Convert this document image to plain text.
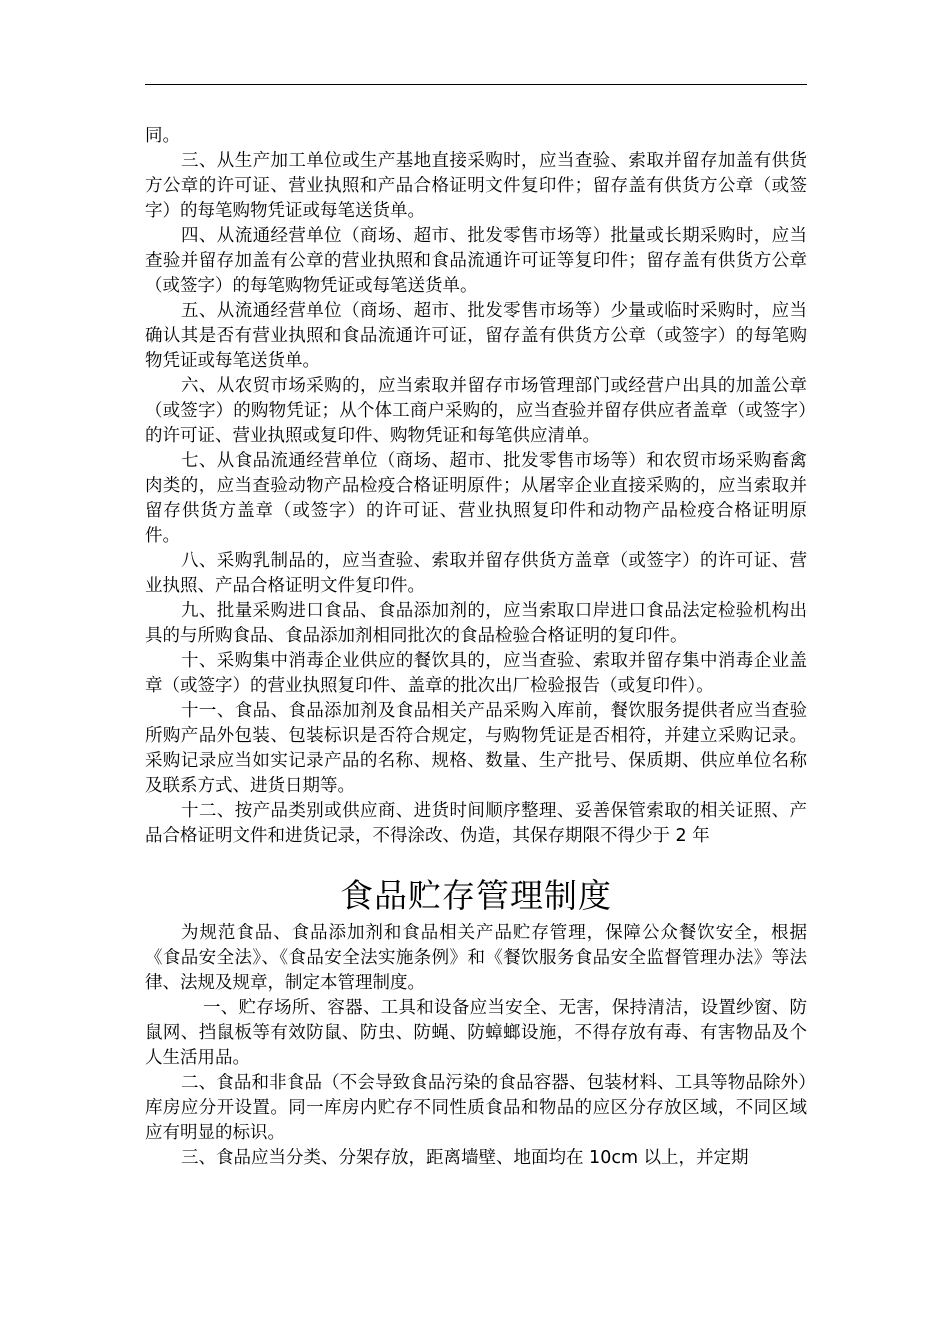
同。

三、从生产加工单位或生产基地直接采购时，应当查验、索取并留存加盖有供货方公章的许可证、营业执照和产品合格证明文件复印件；留存盖有供货方公章（或签字）的每笔购物凭证或每笔送货单。

四、从流通经营单位（商场、超市、批发零售市场等）批量或长期采购时，应当查验并留存加盖有公章的营业执照和食品流通许可证等复印件；留存盖有供货方公章（或签字）的每笔购物凭证或每笔送货单。

五、从流通经营单位（商场、超市、批发零售市场等）少量或临时采购时，应当确认其是否有营业执照和食品流通许可证，留存盖有供货方公章（或签字）的每笔购物凭证或每笔送货单。

六、从农贸市场采购的，应当索取并留存市场管理部门或经营户出具的加盖公章（或签字）的购物凭证；从个体工商户采购的，应当查验并留存供应者盖章（或签字）的许可证、营业执照或复印件、购物凭证和每笔供应清单。

七、从食品流通经营单位（商场、超市、批发零售市场等）和农贸市场采购畜禽肉类的，应当查验动物产品检疫合格证明原件；从屠宰企业直接采购的，应当索取并留存供货方盖章（或签字）的许可证、营业执照复印件和动物产品检疫合格证明原件。

八、采购乳制品的，应当查验、索取并留存供货方盖章（或签字）的许可证、营业执照、产品合格证明文件复印件。

九、批量采购进口食品、食品添加剂的，应当索取口岸进口食品法定检验机构出具的与所购食品、食品添加剂相同批次的食品检验合格证明的复印件。

十、采购集中消毒企业供应的餐饮具的，应当查验、索取并留存集中消毒企业盖章（或签字）的营业执照复印件、盖章的批次出厂检验报告（或复印件）。

十一、食品、食品添加剂及食品相关产品采购入库前，餐饮服务提供者应当查验所购产品外包装、包装标识是否符合规定，与购物凭证是否相符，并建立采购记录。采购记录应当如实记录产品的名称、规格、数量、生产批号、保质期、供应单位名称及联系方式、进货日期等。

十二、按产品类别或供应商、进货时间顺序整理、妥善保管索取的相关证照、产品合格证明文件和进货记录，不得涂改、伪造，其保存期限不得少于 2 年

食品贮存管理制度

为规范食品、食品添加剂和食品相关产品贮存管理，保障公众餐饮安全，根据《食品安全法》、《食品安全法实施条例》和《餐饮服务食品安全监督管理办法》等法律、法规及规章，制定本管理制度。

一、贮存场所、容器、工具和设备应当安全、无害，保持清洁，设置纱窗、防鼠网、挡鼠板等有效防鼠、防虫、防蝇、防蟑螂设施，不得存放有毒、有害物品及个人生活用品。

二、食品和非食品（不会导致食品污染的食品容器、包装材料、工具等物品除外）库房应分开设置。同一库房内贮存不同性质食品和物品的应区分存放区域，不同区域应有明显的标识。

三、食品应当分类、分架存放，距离墙壁、地面均在 10cm 以上，并定期
